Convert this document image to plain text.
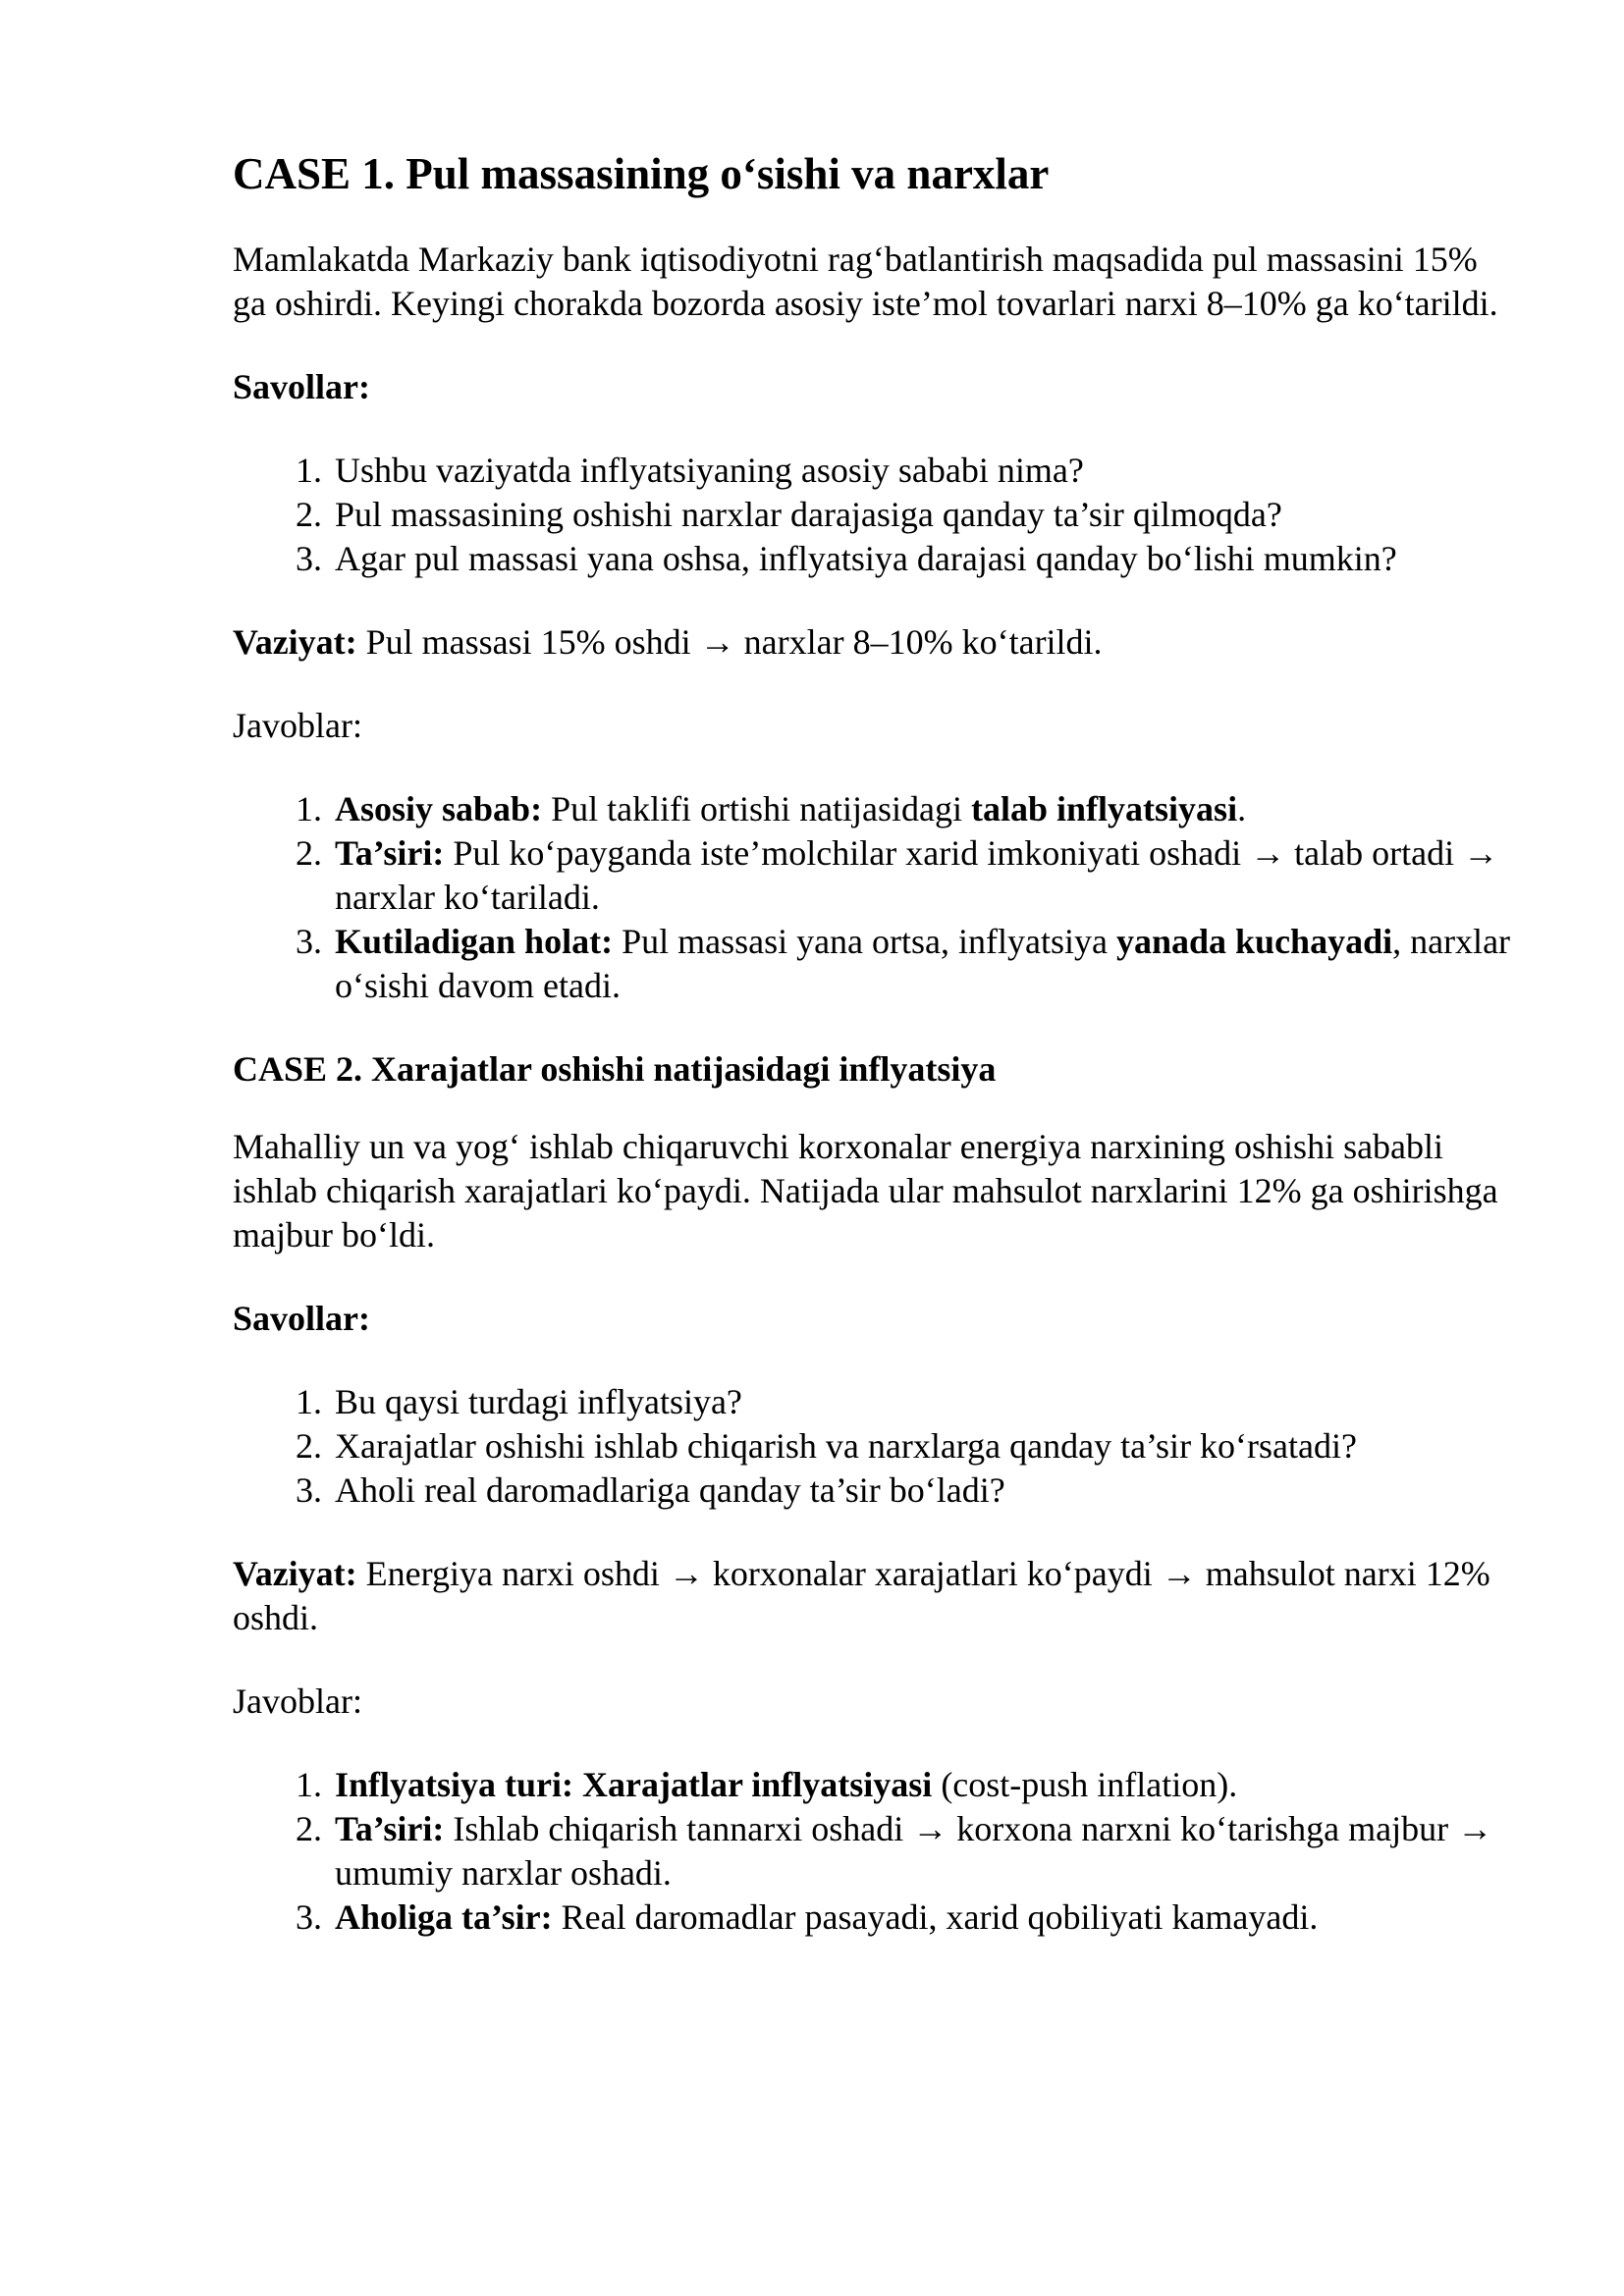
CASE 1. Pul massasining o‘sishi va narxlar

Mamlakatda Markaziy bank iqtisodiyotni rag‘batlantirish maqsadida pul massasini 15% ga oshirdi. Keyingi chorakda bozorda asosiy iste’mol tovarlari narxi 8–10% ga ko‘tarildi.

Savollar:

1. Ushbu vaziyatda inflyatsiyaning asosiy sababi nima?
2. Pul massasining oshishi narxlar darajasiga qanday ta’sir qilmoqda?
3. Agar pul massasi yana oshsa, inflyatsiya darajasi qanday bo‘lishi mumkin?

Vaziyat: Pul massasi 15% oshdi → narxlar 8–10% ko‘tarildi.

Javoblar:

1. Asosiy sabab: Pul taklifi ortishi natijasidagi talab inflyatsiyasi.
2. Ta’siri: Pul ko‘payganda iste’molchilar xarid imkoniyati oshadi → talab ortadi → narxlar ko‘tariladi.
3. Kutiladigan holat: Pul massasi yana ortsa, inflyatsiya yanada kuchayadi, narxlar o‘sishi davom etadi.
CASE 2. Xarajatlar oshishi natijasidagi inflyatsiya

Mahalliy un va yog‘ ishlab chiqaruvchi korxonalar energiya narxining oshishi sababli ishlab chiqarish xarajatlari ko‘paydi. Natijada ular mahsulot narxlarini 12% ga oshirishga majbur bo‘ldi.

Savollar:

1. Bu qaysi turdagi inflyatsiya?
2. Xarajatlar oshishi ishlab chiqarish va narxlarga qanday ta’sir ko‘rsatadi?
3. Aholi real daromadlariga qanday ta’sir bo‘ladi?

Vaziyat: Energiya narxi oshdi → korxonalar xarajatlari ko‘paydi → mahsulot narxi 12% oshdi.

Javoblar:

1. Inflyatsiya turi: Xarajatlar inflyatsiyasi (cost-push inflation).
2. Ta’siri: Ishlab chiqarish tannarxi oshadi → korxona narxni ko‘tarishga majbur → umumiy narxlar oshadi.
3. Aholiga ta’sir: Real daromadlar pasayadi, xarid qobiliyati kamayadi.
